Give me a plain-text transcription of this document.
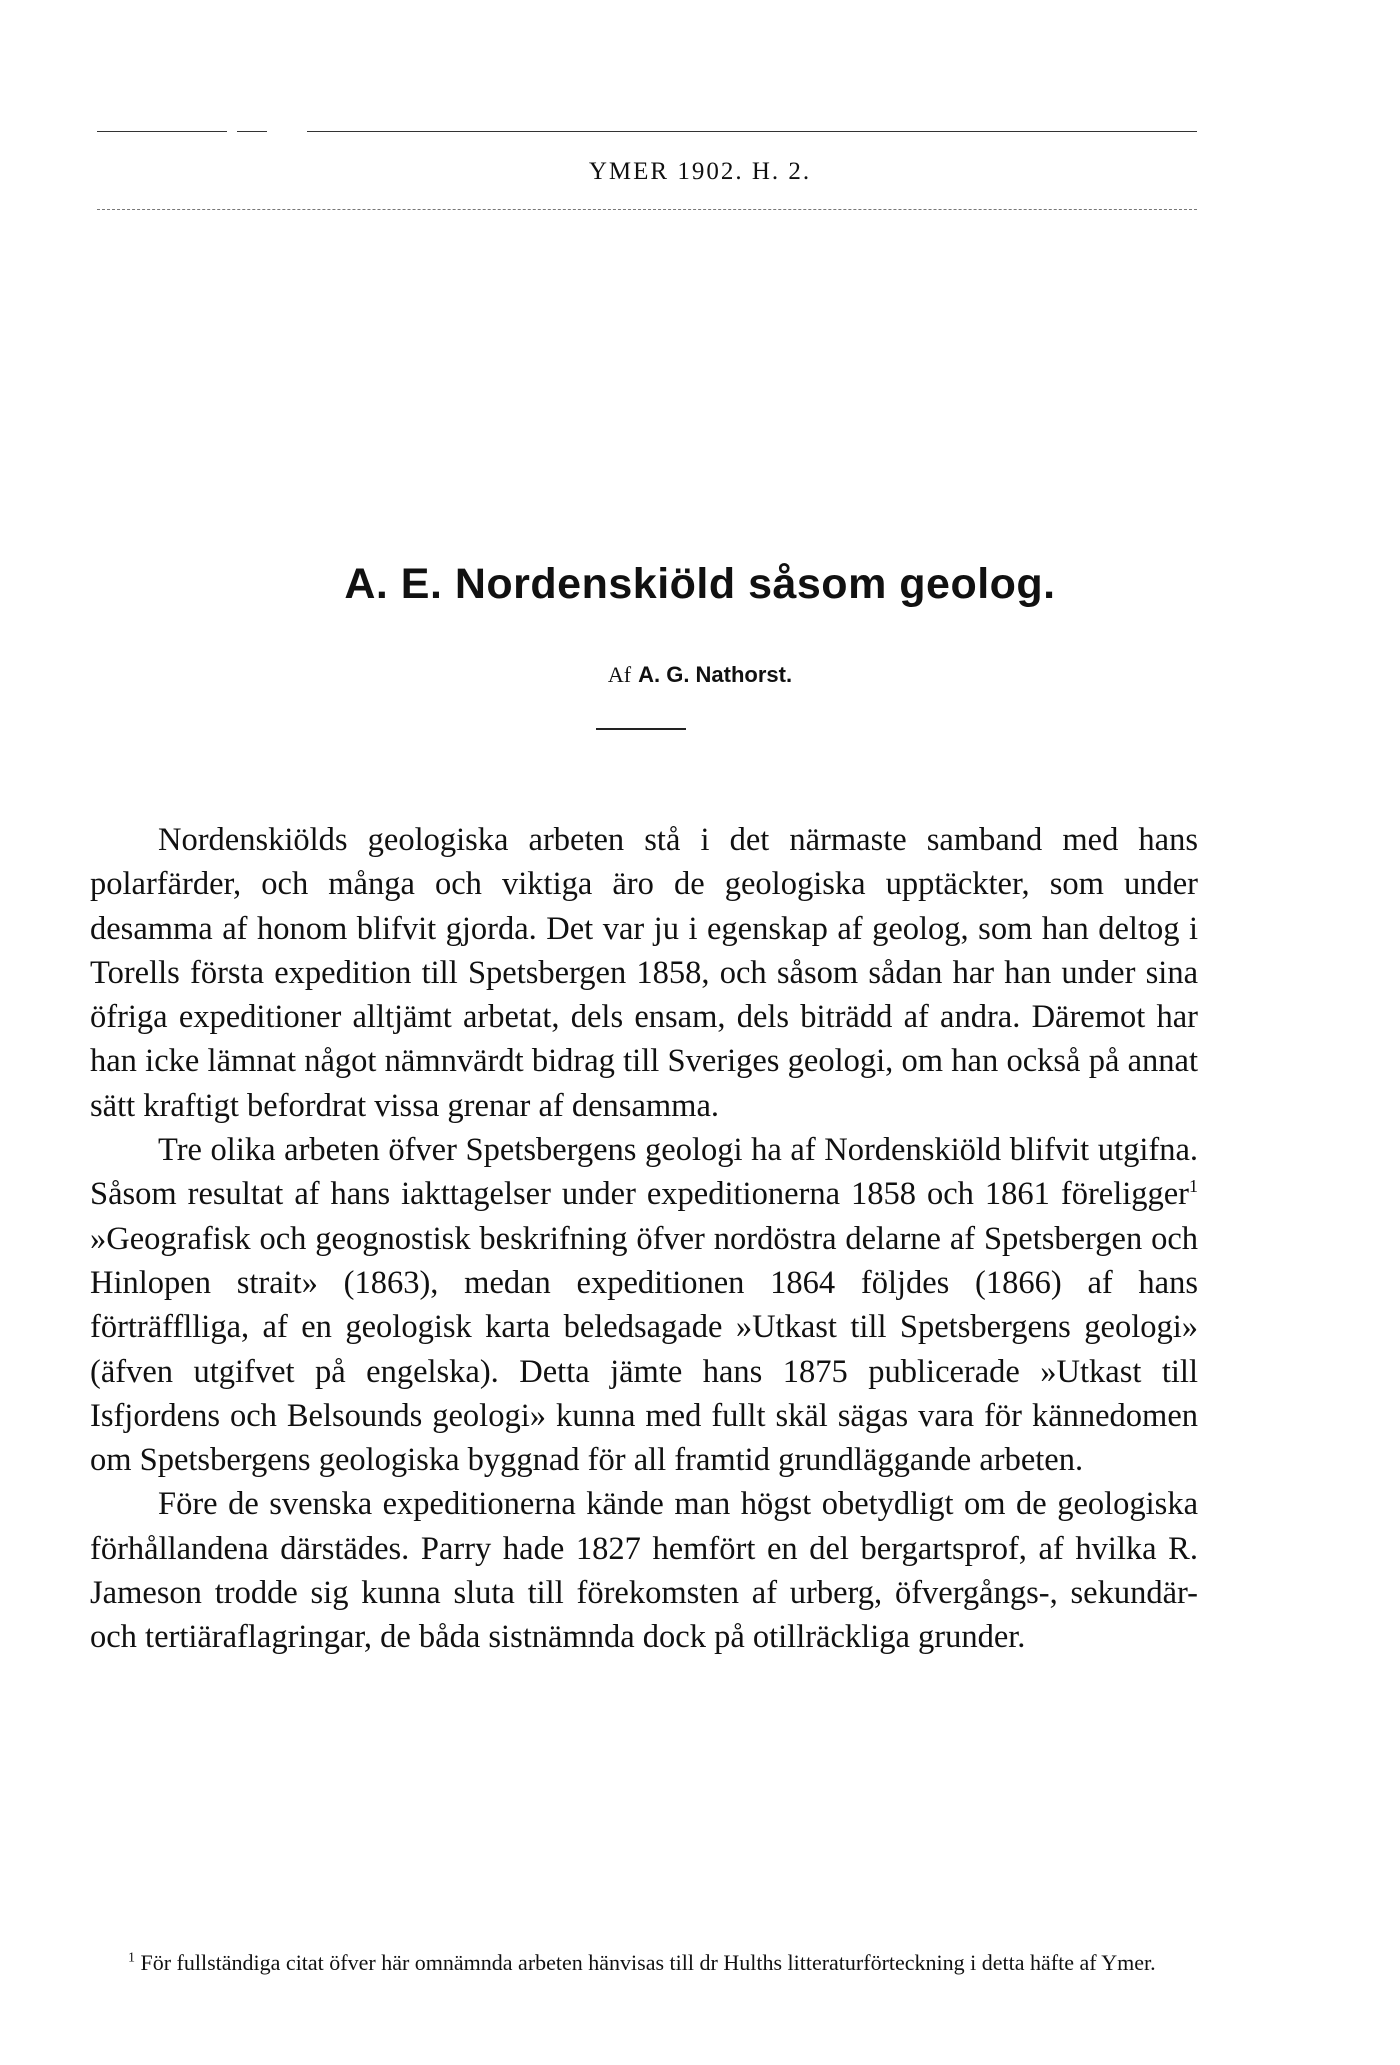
YMER 1902. H. 2.
A. E. Nordenskiöld såsom geolog.
Af A. G. Nathorst.

Nordenskiölds geologiska arbeten stå i det närmaste samband med hans polarfärder, och många och viktiga äro de geologiska upptäckter, som under desamma af honom blifvit gjorda. Det var ju i egenskap af geolog, som han deltog i Torells första expedition till Spetsbergen 1858, och såsom sådan har han under sina öfriga expeditioner alltjämt arbetat, dels ensam, dels biträdd af andra. Däremot har han icke lämnat något nämnvärdt bidrag till Sveriges geologi, om han också på annat sätt kraftigt befordrat vissa grenar af densamma.

Tre olika arbeten öfver Spetsbergens geologi ha af Nordenskiöld blifvit utgifna. Såsom resultat af hans iakttagelser under expeditionerna 1858 och 1861 föreligger$^1$ »Geografisk och geognostisk beskrifning öfver nordöstra delarne af Spetsbergen och Hinlopen strait» (1863), medan expeditionen 1864 följdes (1866) af hans förträfflliga, af en geologisk karta beledsagade »Utkast till Spetsbergens geologi» (äfven utgifvet på engelska). Detta jämte hans 1875 publicerade »Utkast till Isfjordens och Belsounds geologi» kunna med fullt skäl sägas vara för kännedomen om Spetsbergens geologiska byggnad för all framtid grundläggande arbeten.

Före de svenska expeditionerna kände man högst obetydligt om de geologiska förhållandena därstädes. Parry hade 1827 hemfört en del bergartsprof, af hvilka R. Jameson trodde sig kunna sluta till förekomsten af urberg, öfvergångs-, sekundär- och tertiäraflagringar, de båda sistnämnda dock på otillräckliga grunder.

$^1$ För fullständiga citat öfver här omnämnda arbeten hänvisas till dr Hulths litteraturförteckning i detta häfte af Ymer.
